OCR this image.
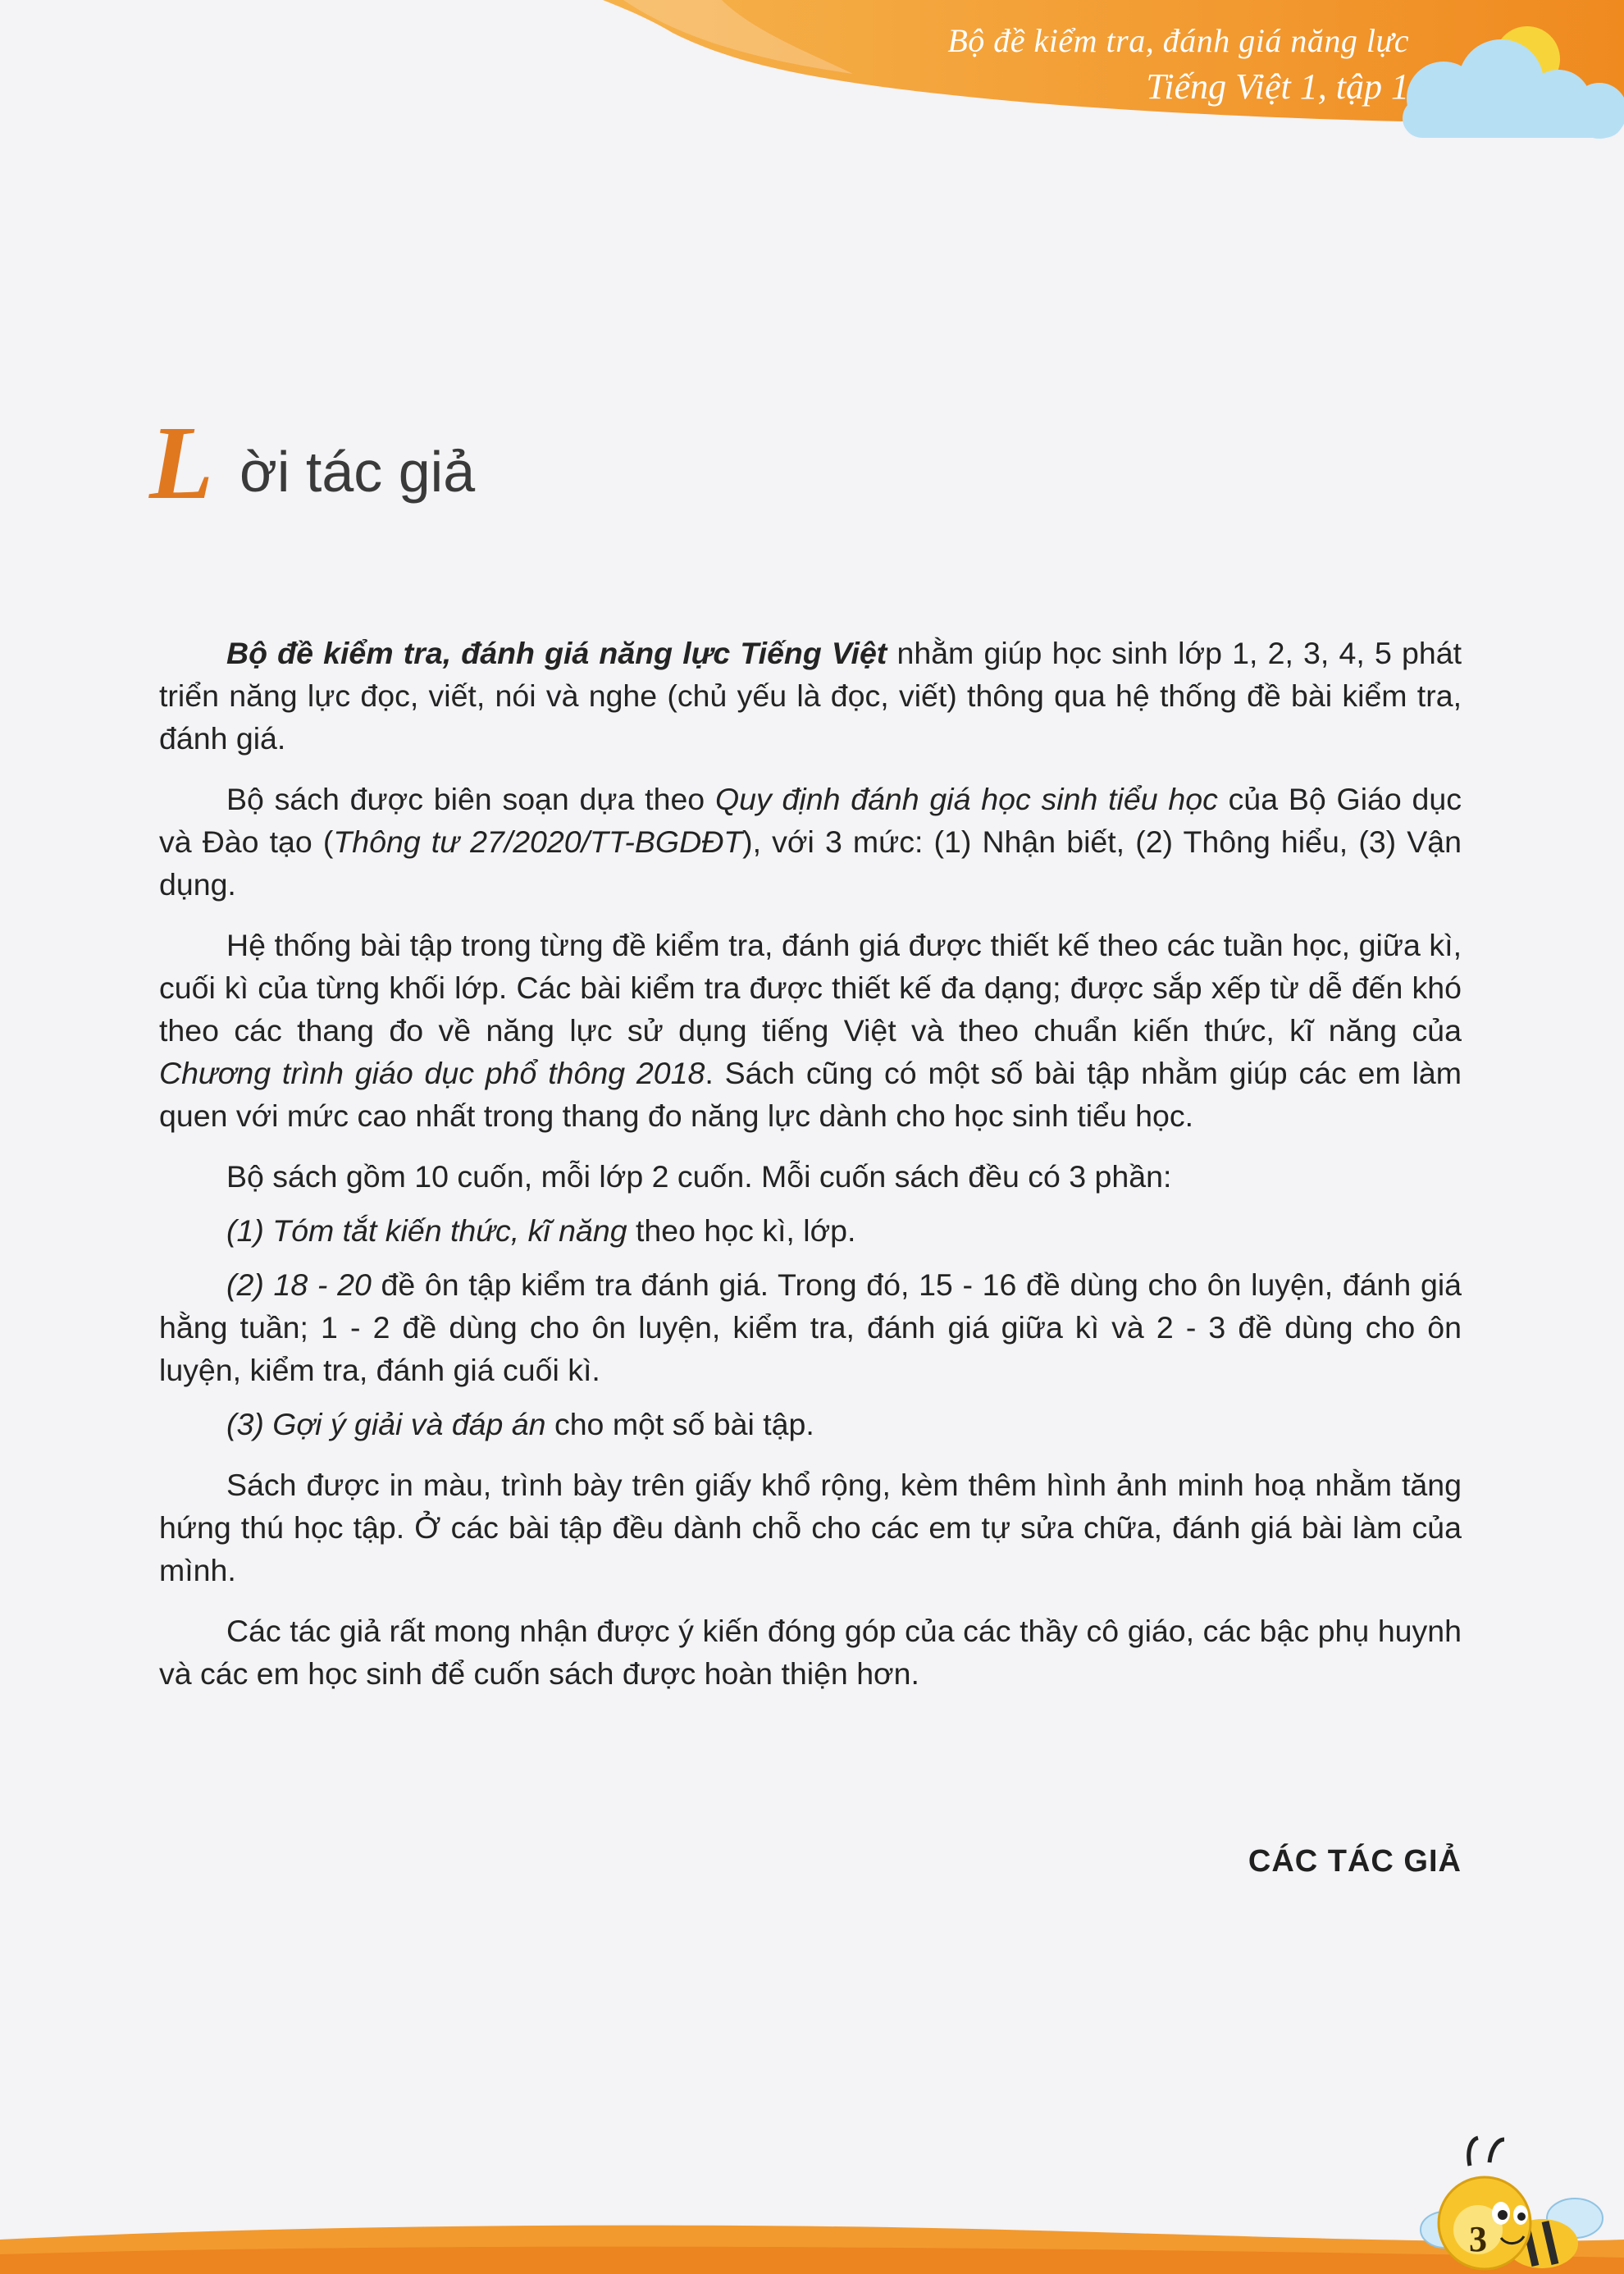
Bộ đề kiểm tra, đánh giá năng lực
Tiếng Việt 1, tập 1
L ời tác giả

Bộ đề kiểm tra, đánh giá năng lực Tiếng Việt nhằm giúp học sinh lớp 1, 2, 3, 4, 5 phát triển năng lực đọc, viết, nói và nghe (chủ yếu là đọc, viết) thông qua hệ thống đề bài kiểm tra, đánh giá.

Bộ sách được biên soạn dựa theo Quy định đánh giá học sinh tiểu học của Bộ Giáo dục và Đào tạo (Thông tư 27/2020/TT-BGDĐT), với 3 mức: (1) Nhận biết, (2) Thông hiểu, (3) Vận dụng.

Hệ thống bài tập trong từng đề kiểm tra, đánh giá được thiết kế theo các tuần học, giữa kì, cuối kì của từng khối lớp. Các bài kiểm tra được thiết kế đa dạng; được sắp xếp từ dễ đến khó theo các thang đo về năng lực sử dụng tiếng Việt và theo chuẩn kiến thức, kĩ năng của Chương trình giáo dục phổ thông 2018. Sách cũng có một số bài tập nhằm giúp các em làm quen với mức cao nhất trong thang đo năng lực dành cho học sinh tiểu học.

Bộ sách gồm 10 cuốn, mỗi lớp 2 cuốn. Mỗi cuốn sách đều có 3 phần:

(1) Tóm tắt kiến thức, kĩ năng theo học kì, lớp.

(2) 18 - 20 đề ôn tập kiểm tra đánh giá. Trong đó, 15 - 16 đề dùng cho ôn luyện, đánh giá hằng tuần; 1 - 2 đề dùng cho ôn luyện, kiểm tra, đánh giá giữa kì và 2 - 3 đề dùng cho ôn luyện, kiểm tra, đánh giá cuối kì.

(3) Gợi ý giải và đáp án cho một số bài tập.

Sách được in màu, trình bày trên giấy khổ rộng, kèm thêm hình ảnh minh hoạ nhằm tăng hứng thú học tập. Ở các bài tập đều dành chỗ cho các em tự sửa chữa, đánh giá bài làm của mình.

Các tác giả rất mong nhận được ý kiến đóng góp của các thầy cô giáo, các bậc phụ huynh và các em học sinh để cuốn sách được hoàn thiện hơn.

CÁC TÁC GIẢ
3
